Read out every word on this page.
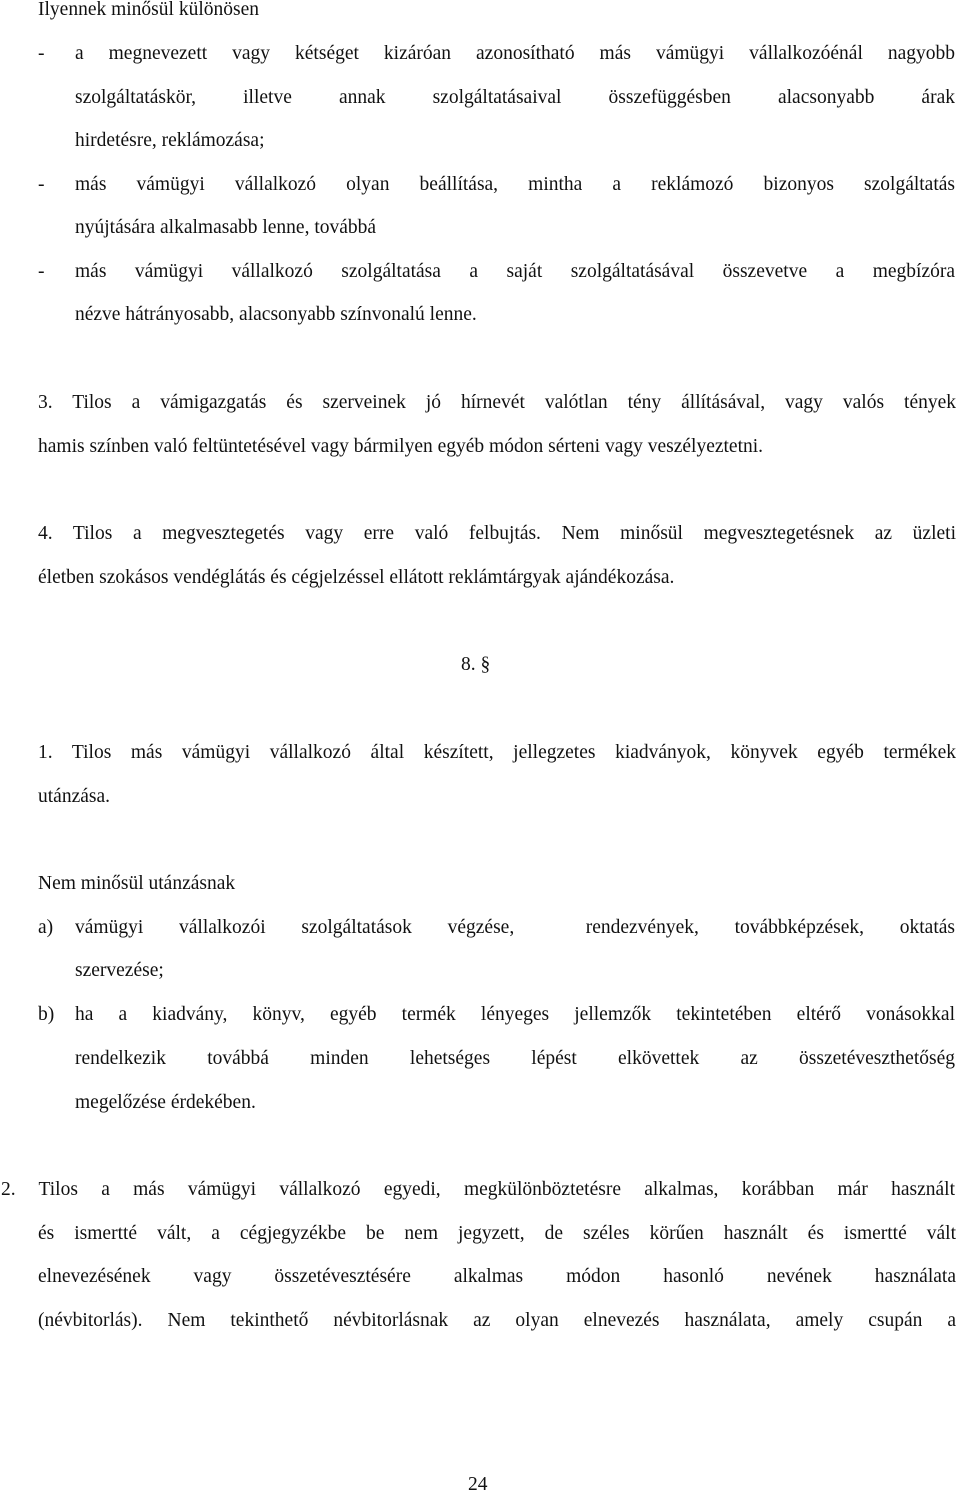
Ilyennek minősül különösen
- a megnevezett vagy kétséget kizáróan azonosítható más vámügyi vállalkozóénál nagyobb
szolgáltatáskör, illetve annak szolgáltatásaival összefüggésben alacsonyabb árak
hirdetésre, reklámozása;
- más vámügyi vállalkozó olyan beállítása, mintha a reklámozó bizonyos szolgáltatás
nyújtására alkalmasabb lenne, továbbá
- más vámügyi vállalkozó szolgáltatása a saját szolgáltatásával összevetve a megbízóra
nézve hátrányosabb, alacsonyabb színvonalú lenne.
3. Tilos a vámigazgatás és szerveinek jó hírnevét valótlan tény állításával, vagy valós tények
hamis színben való feltüntetésével vagy bármilyen egyéb módon sérteni vagy veszélyeztetni.
4. Tilos a megvesztegetés vagy erre való felbujtás. Nem minősül megvesztegetésnek az üzleti
életben szokásos vendéglátás és cégjelzéssel ellátott reklámtárgyak ajándékozása.
8. §
1. Tilos más vámügyi vállalkozó által készített, jellegzetes kiadványok, könyvek egyéb termékek
utánzása.
Nem minősül utánzásnak
a) vámügyi vállalkozói szolgáltatások végzése,  rendezvények, továbbképzések, oktatás
szervezése;
b) ha a kiadvány, könyv, egyéb termék lényeges jellemzők tekintetében eltérő vonásokkal
rendelkezik továbbá minden lehetséges lépést elkövettek az összetéveszthetőség
megelőzése érdekében.
2. Tilos a más vámügyi vállalkozó egyedi, megkülönböztetésre alkalmas, korábban már használt
és ismertté vált, a cégjegyzékbe be nem jegyzett, de széles körűen használt és ismertté vált
elnevezésének vagy összetévesztésére alkalmas módon hasonló nevének használata
(névbitorlás). Nem tekinthető névbitorlásnak az olyan elnevezés használata, amely csupán a
24
